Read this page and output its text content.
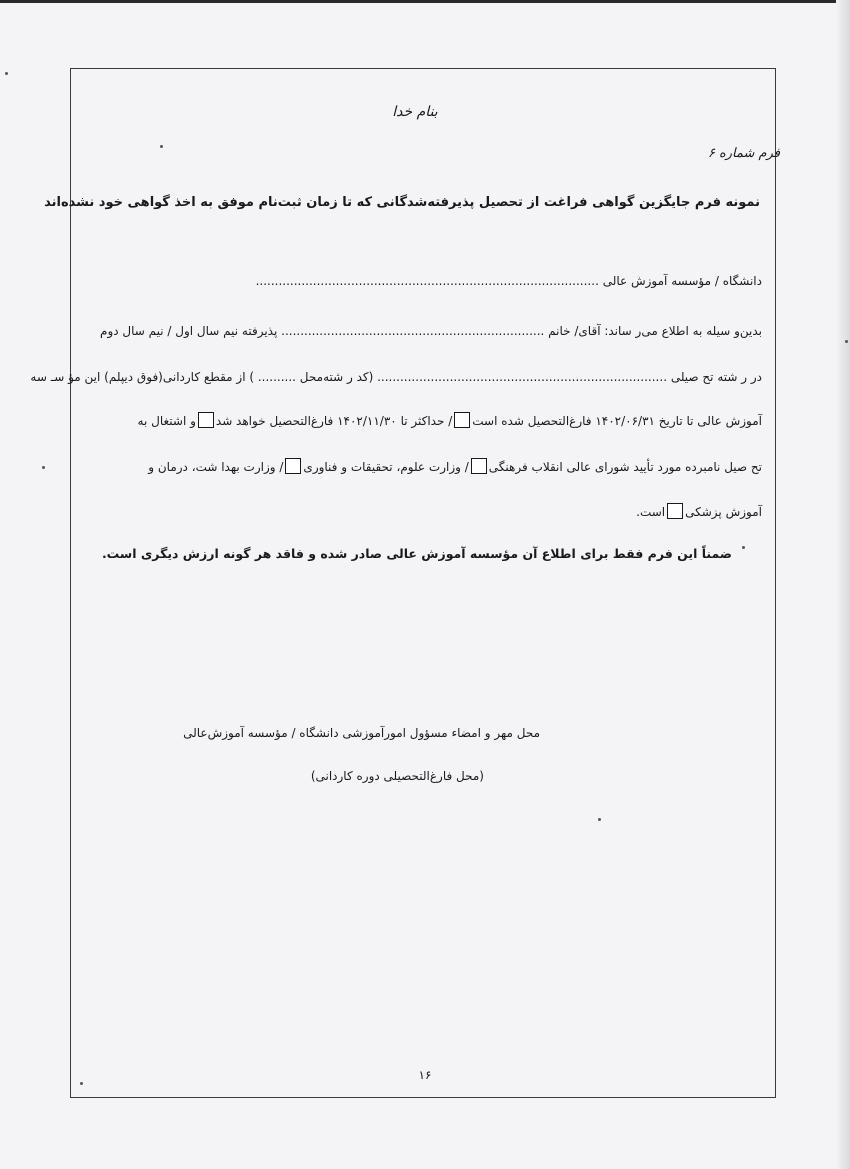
بنام خدا
فرم شماره ۶
نمونه فرم جایگزین گواهی فراغت از تحصیل پذیرفته‌شدگانی که تا زمان ثبت‌نام موفق به اخذ گواهی خود نشده‌اند
دانشگاه / مؤسسه آموزش عالی ..........................................................................................
بدین‌و سیله به اطلاع می‌ر ساند: آقای/ خانم ..................................................................... پذیرفته نیم سال اول / نیم سال دوم
در ر شته تح صیلی ............................................................................ (کد ر شته‌محل .......... ) از مقطع کاردانی(فوق دیپلم) این مؤ سـ سه
آموزش عالی تا تاریخ ۱۴۰۲/۰۶/۳۱ فارغ‌التحصیل شده است/ حداکثر تا ۱۴۰۲/۱۱/۳۰ فارغ‌التحصیل خواهد شدو اشتغال به
تح صیل نامبرده مورد تأیید شورای عالی انقلاب فرهنگی/ وزارت علوم، تحقیقات و فناوری/ وزارت بهدا شت، درمان و
آموزش پزشکیاست.
ضمناً این فرم فقط برای اطلاع آن مؤسسه آموزش عالی صادر شده و فاقد هر گونه ارزش دیگری است.
محل مهر و امضاء مسؤول امورآموزشی دانشگاه / مؤسسه آموزش‌عالی
(محل فارغ‌التحصیلی دوره کاردانی)
۱۶
